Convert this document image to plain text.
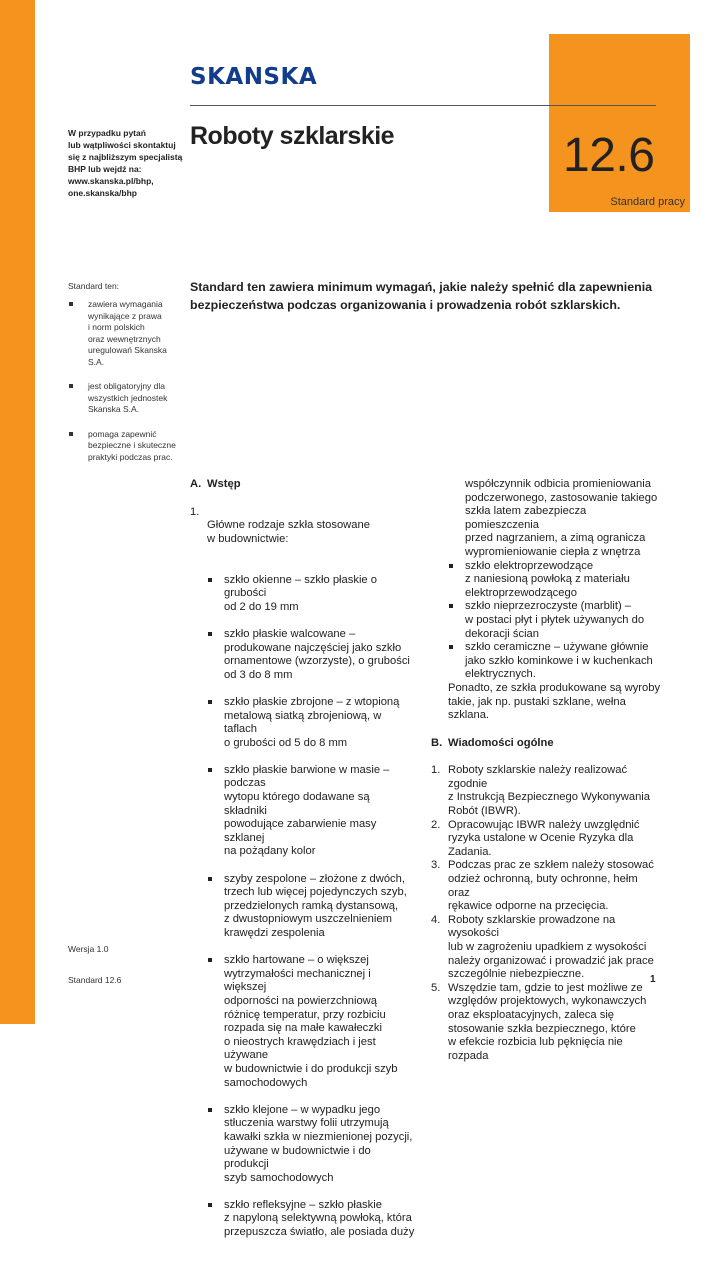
12.6
Standard pracy
SKANSKA
W przypadku pytań
lub wątpliwości skontaktuj
się z najbliższym specjalistą
BHP lub wejdź na:
www.skanska.pl/bhp,
one.skanska/bhp
Roboty szklarskie
Standard ten:
zawiera wymagania
wynikające z prawa
i norm polskich
oraz wewnętrznych
uregulowań Skanska S.A.
jest obligatoryjny dla
wszystkich jednostek
Skanska S.A.
pomaga zapewnić
bezpieczne i skuteczne
praktyki podczas prac.

Standard ten zawiera minimum wymagań, jakie należy spełnić dla zapewnienia bezpieczeństwa podczas organizowania i prowadzenia robót szklarskich.

A. Wstęp
1.

Główne rodzaje szkła stosowane
w budownictwie:

szkło okienne – szkło płaskie o grubości
od 2 do 19 mm

szkło płaskie walcowane –
produkowane najczęściej jako szkło
ornamentowe (wzorzyste), o grubości
od 3 do 8 mm

szkło płaskie zbrojone – z wtopioną
metalową siatką zbrojeniową, w taflach
o grubości od 5 do 8 mm

szkło płaskie barwione w masie – podczas
wytopu którego dodawane są składniki
powodujące zabarwienie masy szklanej
na pożądany kolor

szyby zespolone – złożone z dwóch,
trzech lub więcej pojedynczych szyb,
przedzielonych ramką dystansową,
z dwustopniowym uszczelnieniem
krawędzi zespolenia

szkło hartowane – o większej
wytrzymałości mechanicznej i większej
odporności na powierzchniową
różnicę temperatur, przy rozbiciu
rozpada się na małe kawałeczki
o nieostrych krawędziach i jest używane
w budownictwie i do produkcji szyb
samochodowych

szkło klejone – w wypadku jego
stłuczenia warstwy folii utrzymują
kawałki szkła w niezmienionej pozycji,
używane w budownictwie i do produkcji
szyb samochodowych

szkło refleksyjne – szkło płaskie
z napyloną selektywną powłoką, która
przepuszcza światło, ale posiada duży

współczynnik odbicia promieniowania
podczerwonego, zastosowanie takiego
szkła latem zabezpiecza pomieszczenia
przed nagrzaniem, a zimą ogranicza
wypromieniowanie ciepła z wnętrza
szkło elektroprzewodzące
z naniesioną powłoką z materiału
elektroprzewodzącego
szkło nieprzezroczyste (marblit) –
w postaci płyt i płytek używanych do
dekoracji ścian
szkło ceramiczne – używane głównie
jako szkło kominkowe i w kuchenkach
elektrycznych.
Ponadto, ze szkła produkowane są wyroby
takie, jak np. pustaki szklane, wełna
szklana.
B. Wiadomości ogólne
1. Roboty szklarskie należy realizować zgodnie
z Instrukcją Bezpiecznego Wykonywania
Robót (IBWR).
2. Opracowując IBWR należy uwzględnić
ryzyka ustalone w Ocenie Ryzyka dla
Zadania.
3. Podczas prac ze szkłem należy stosować
odzież ochronną, buty ochronne, hełm oraz
rękawice odporne na przecięcia.
4. Roboty szklarskie prowadzone na wysokości
lub w zagrożeniu upadkiem z wysokości
należy organizować i prowadzić jak prace
szczególnie niebezpieczne.
5. Wszędzie tam, gdzie to jest możliwe ze
względów projektowych, wykonawczych
oraz eksploatacyjnych, zaleca się
stosowanie szkła bezpiecznego, które
w efekcie rozbicia lub pęknięcia nie rozpada
Wersja 1.0
Standard 12.6	1
